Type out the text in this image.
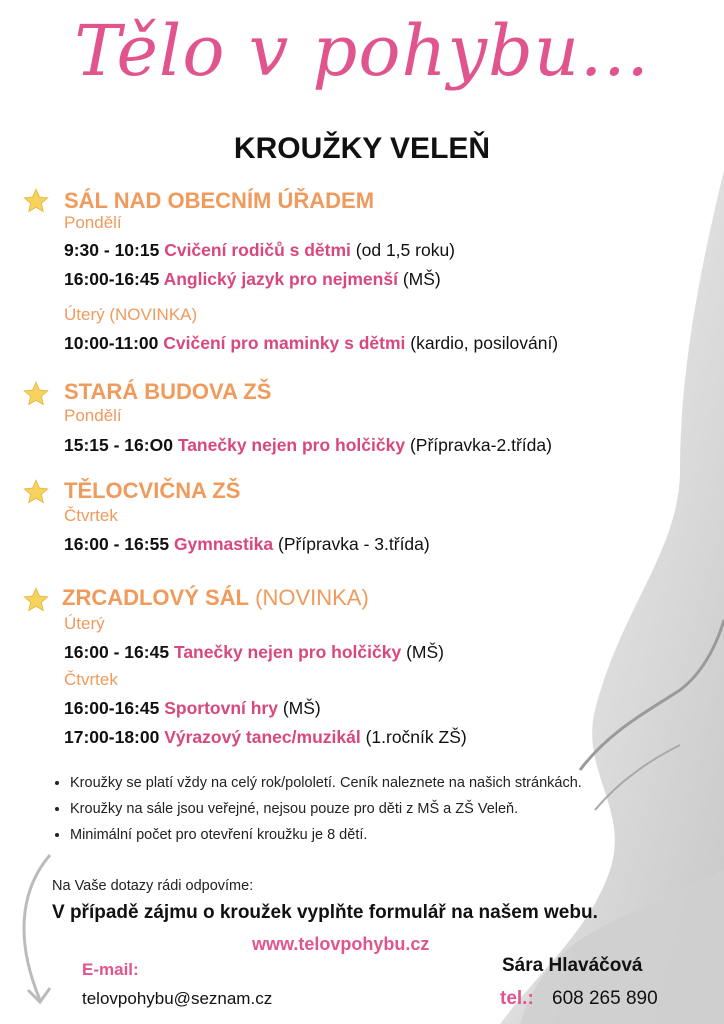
Tělo v pohybu...
KROUŽKY VELEŇ
SÁL NAD OBECNÍM ÚŘADEM
Pondělí
9:30 - 10:15 Cvičení rodičů s dětmi (od 1,5 roku)
16:00-16:45 Anglický jazyk pro nejmenší (MŠ)
Úterý (NOVINKA)
10:00-11:00 Cvičení pro maminky s dětmi (kardio, posilování)
STARÁ BUDOVA ZŠ
Pondělí
15:15 - 16:O0 Tanečky nejen pro holčičky (Přípravka-2.třída)
TĚLOCVIČNA ZŠ
Čtvrtek
16:00 - 16:55 Gymnastika (Přípravka - 3.třída)
ZRCADLOVÝ SÁL (NOVINKA)
Úterý
16:00 - 16:45 Tanečky nejen pro holčičky (MŠ)
Čtvrtek
16:00-16:45 Sportovní hry (MŠ)
17:00-18:00 Výrazový tanec/muzikál (1.ročník ZŠ)
• Kroužky se platí vždy na celý rok/pololetí. Ceník naleznete na našich stránkách.
• Kroužky na sále jsou veřejné, nejsou pouze pro děti z MŠ a ZŠ Veleň.
• Minimální počet pro otevření kroužku je 8 dětí.
Na Vaše dotazy rádi odpovíme:
V případě zájmu o kroužek vyplňte formulář na našem webu.
www.telovpohybu.cz
E-mail:
telovpohybu@seznam.cz
Sára Hlaváčová
tel.: 608 265 890
